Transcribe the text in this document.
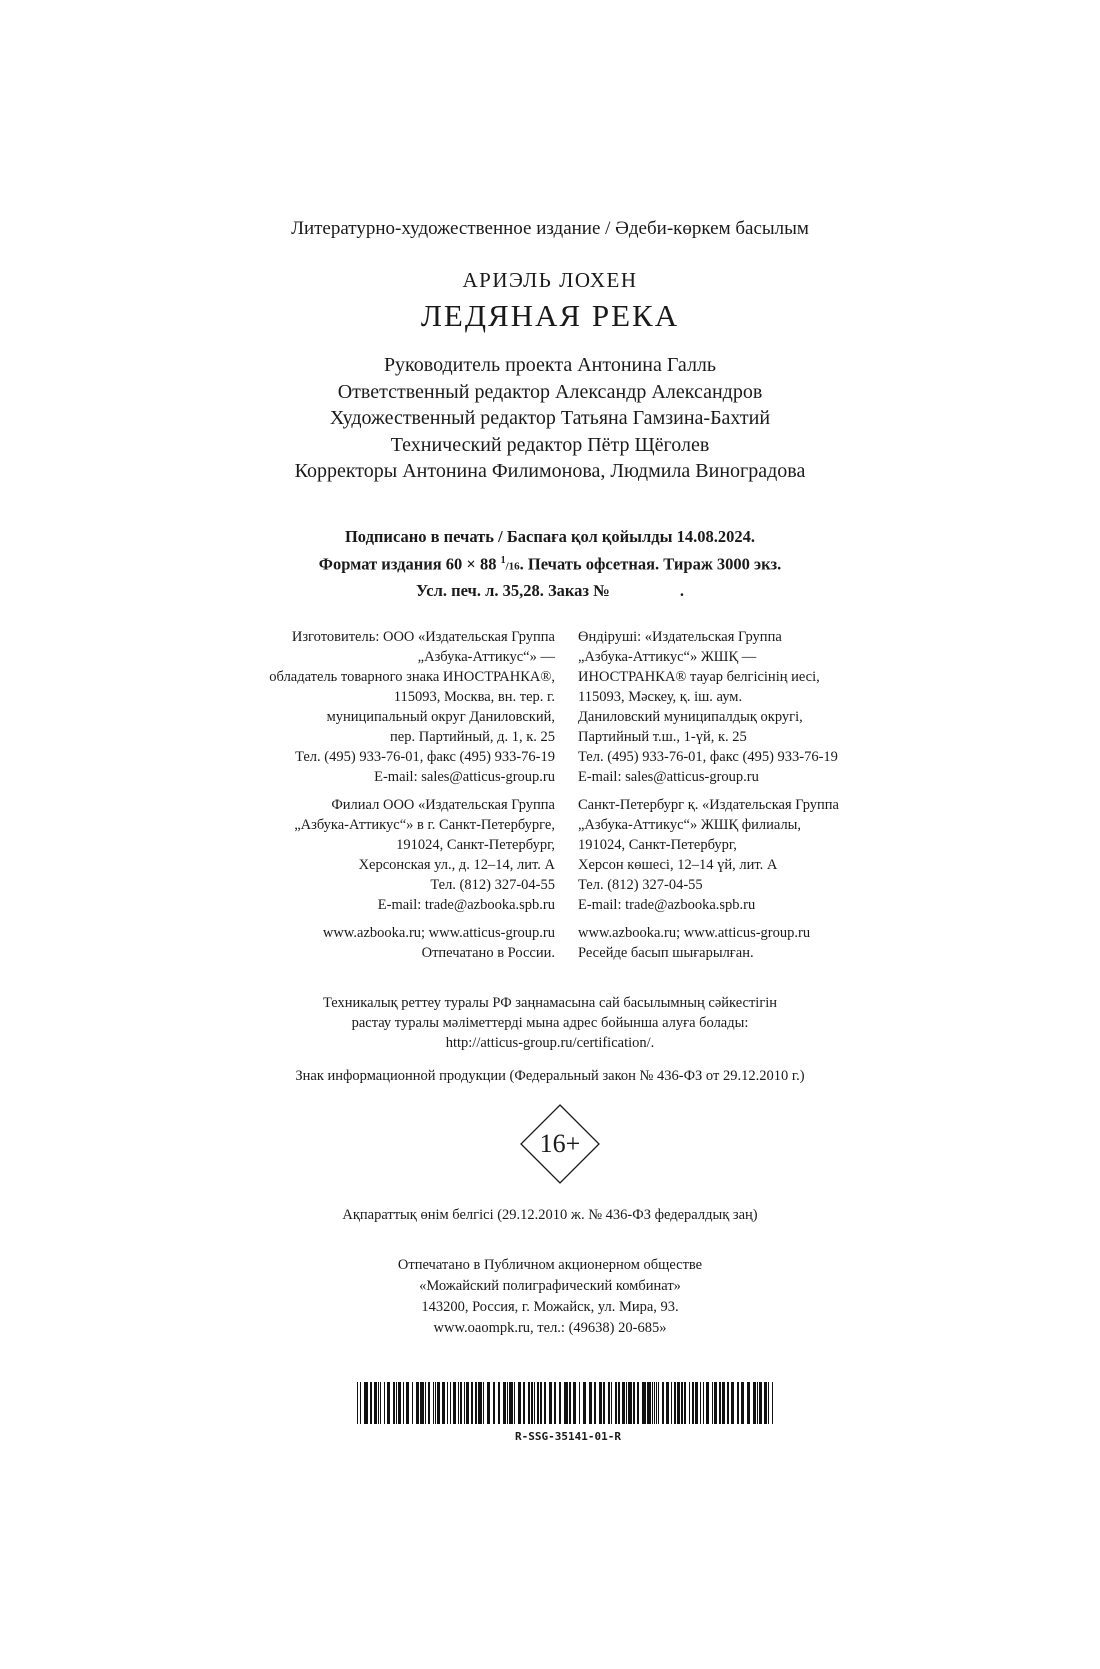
Литературно-художественное издание / Әдеби-көркем басылым
АРИЭЛЬ ЛОХЕН
ЛЕДЯНАЯ РЕКА
Руководитель проекта Антонина Галль
Ответственный редактор Александр Александров
Художественный редактор Татьяна Гамзина-Бахтий
Технический редактор Пётр Щёголев
Корректоры Антонина Филимонова, Людмила Виноградова
Подписано в печать / Баспаға қол қойылды 14.08.2024.
Формат издания 60 × 88 $^1$/16. Печать офсетная. Тираж 3000 экз.
Усл. печ. л. 35,28. Заказ №                 .
Изготовитель: ООО «Издательская Группа
„Азбука-Аттикус“» —
обладатель товарного знака ИНОСТРАНКА®,
115093, Москва, вн. тер. г.
муниципальный округ Даниловский,
пер. Партийный, д. 1, к. 25
Тел. (495) 933-76-01, факс (495) 933-76-19
E-mail: sales@atticus-group.ru
Филиал ООО «Издательская Группа
„Азбука-Аттикус“» в г. Санкт-Петербурге,
191024, Санкт-Петербург,
Херсонская ул., д. 12–14, лит. А
Тел. (812) 327-04-55
E-mail: trade@azbooka.spb.ru
www.azbooka.ru; www.atticus-group.ru
Отпечатано в России.
Өндіруші: «Издательская Группа
„Азбука-Аттикус“» ЖШҚ —
ИНОСТРАНКА® тауар белгісінің иесі,
115093, Мәскеу, қ. іш. аум.
Даниловский муниципалдық округі,
Партийный т.ш., 1-үй, к. 25
Тел. (495) 933-76-01, факс (495) 933-76-19
E-mail: sales@atticus-group.ru
Санкт-Петербург қ. «Издательская Группа
„Азбука-Аттикус“» ЖШҚ филиалы,
191024, Санкт-Петербург,
Херсон көшесі, 12–14 үй, лит. А
Тел. (812) 327-04-55
E-mail: trade@azbooka.spb.ru
www.azbooka.ru; www.atticus-group.ru
Ресейде басып шығарылған.
Техникалық реттеу туралы РФ заңнамасына сай басылымның сәйкестігін
растау туралы мәліметтерді мына адрес бойынша алуға болады:
http://atticus-group.ru/certification/.
Знак информационной продукции (Федеральный закон № 436-ФЗ от 29.12.2010 г.)
16+
Ақпараттық өнім белгісі (29.12.2010 ж. № 436-ФЗ федералдық заң)
Отпечатано в Публичном акционерном обществе
«Можайский полиграфический комбинат»
143200, Россия, г. Можайск, ул. Мира, 93.
www.oaompk.ru, тел.: (49638) 20-685»
R-SSG-35141-01-R
